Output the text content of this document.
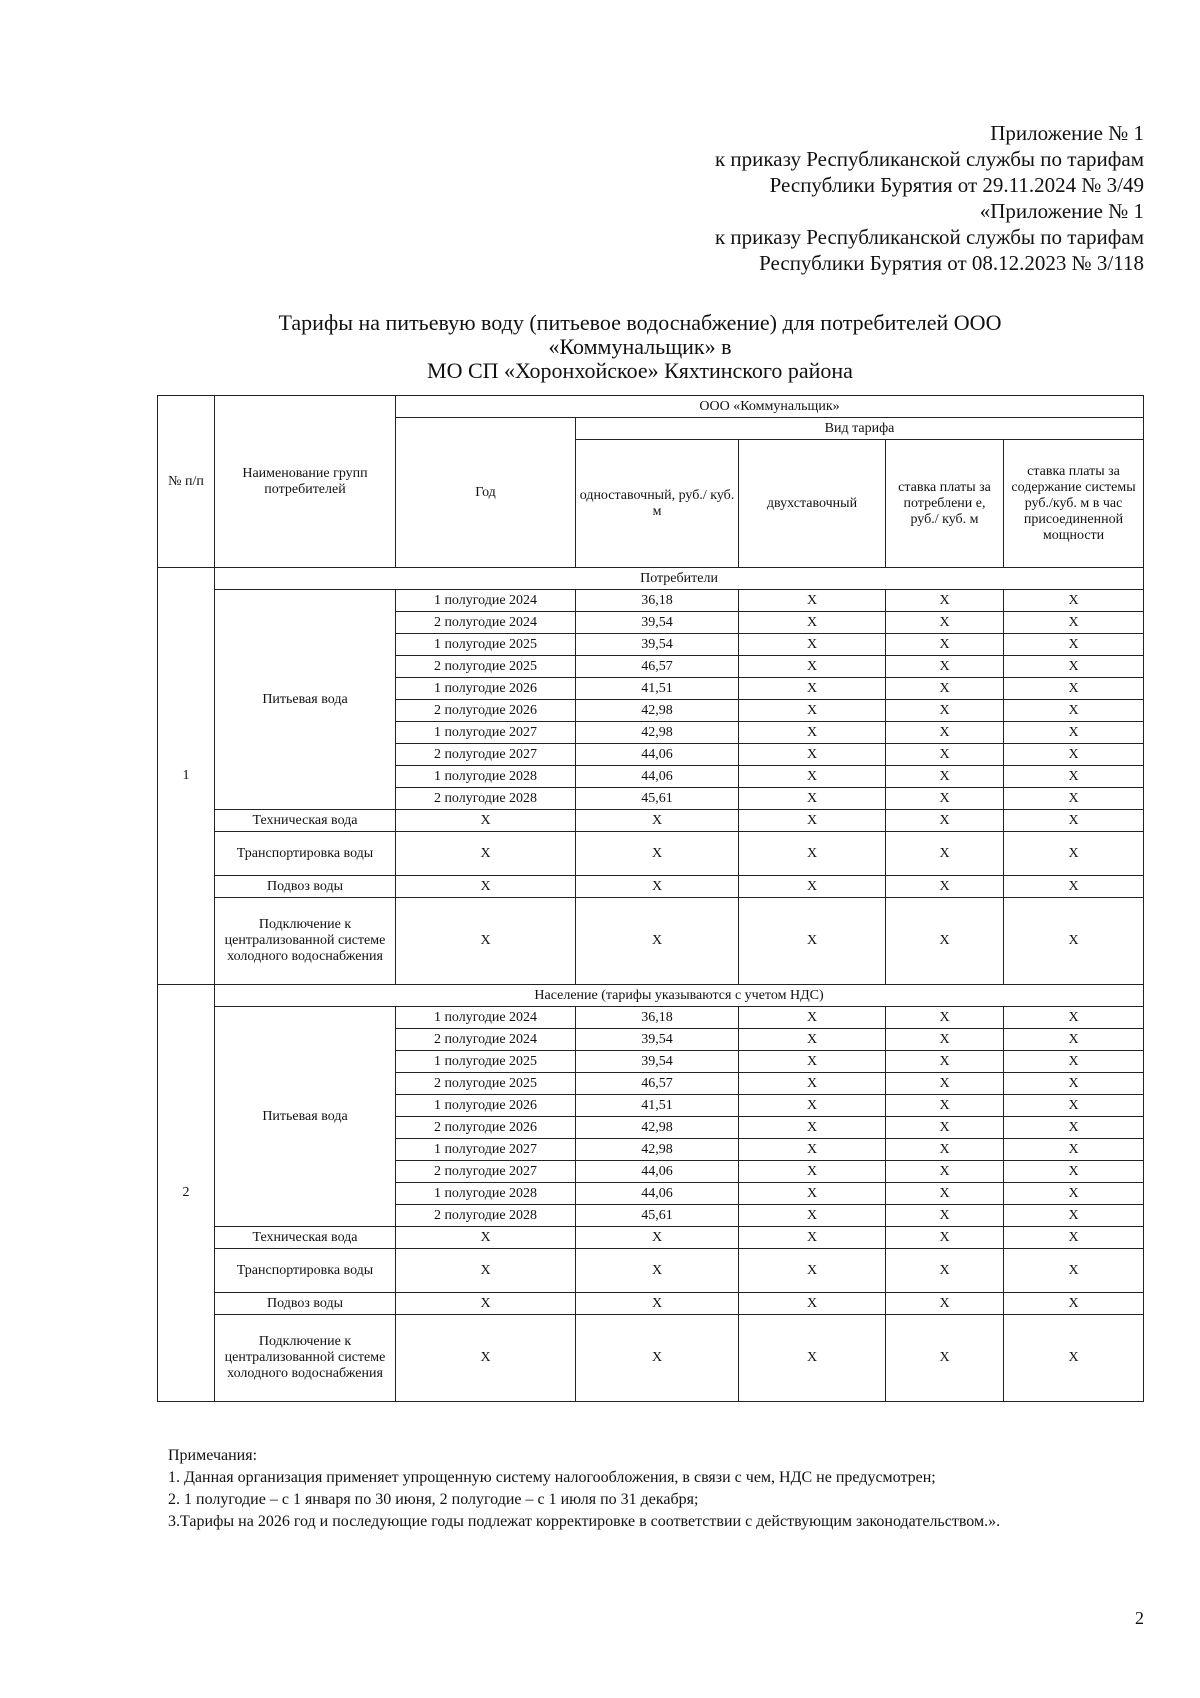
Приложение № 1
к приказу Республиканской службы по тарифам
Республики Бурятия от 29.11.2024 № 3/49
«Приложение № 1
к приказу Республиканской службы по тарифам
Республики Бурятия от 08.12.2023 № 3/118
Тарифы на питьевую воду (питьевое водоснабжение) для потребителей ООО
«Коммунальщик» в
МО СП «Хоронхойское» Кяхтинского района
№ п/п	Наименование групп потребителей	ООО «Коммунальщик»				
		Год	Вид тарифа			
			одноставочный, руб./ куб. м	двухставочный	ставка платы за потреблени е, руб./ куб. м	ставка платы за содержание системы руб./куб. м в час присоединенной мощности
1	Потребители					
	Питьевая вода	1 полугодие 2024	36,18	X	X	X
		2 полугодие 2024	39,54	X	X	X
		1 полугодие 2025	39,54	X	X	X
		2 полугодие 2025	46,57	X	X	X
		1 полугодие 2026	41,51	X	X	X
		2 полугодие 2026	42,98	X	X	X
		1 полугодие 2027	42,98	X	X	X
		2 полугодие 2027	44,06	X	X	X
		1 полугодие 2028	44,06	X	X	X
		2 полугодие 2028	45,61	X	X	X
	Техническая вода	X	X	X	X	X
	Транспортировка воды	X	X	X	X	X
	Подвоз воды	X	X	X	X	X
	Подключение к централизованной системе холодного водоснабжения	X	X	X	X	X
2	Население (тарифы указываются с учетом НДС)					
	Питьевая вода	1 полугодие 2024	36,18	X	X	X
		2 полугодие 2024	39,54	X	X	X
		1 полугодие 2025	39,54	X	X	X
		2 полугодие 2025	46,57	X	X	X
		1 полугодие 2026	41,51	X	X	X
		2 полугодие 2026	42,98	X	X	X
		1 полугодие 2027	42,98	X	X	X
		2 полугодие 2027	44,06	X	X	X
		1 полугодие 2028	44,06	X	X	X
		2 полугодие 2028	45,61	X	X	X
	Техническая вода	X	X	X	X	X
	Транспортировка воды	X	X	X	X	X
	Подвоз воды	X	X	X	X	X
	Подключение к централизованной системе холодного водоснабжения	X	X	X	X	X

Примечания:

1. Данная организация применяет упрощенную систему налогообложения, в связи с чем, НДС не предусмотрен;

2. 1 полугодие – с 1 января по 30 июня, 2 полугодие – с 1 июля по 31 декабря;

3.Тарифы на 2026 год и последующие годы подлежат корректировке в соответствии с действующим законодательством.».

2
